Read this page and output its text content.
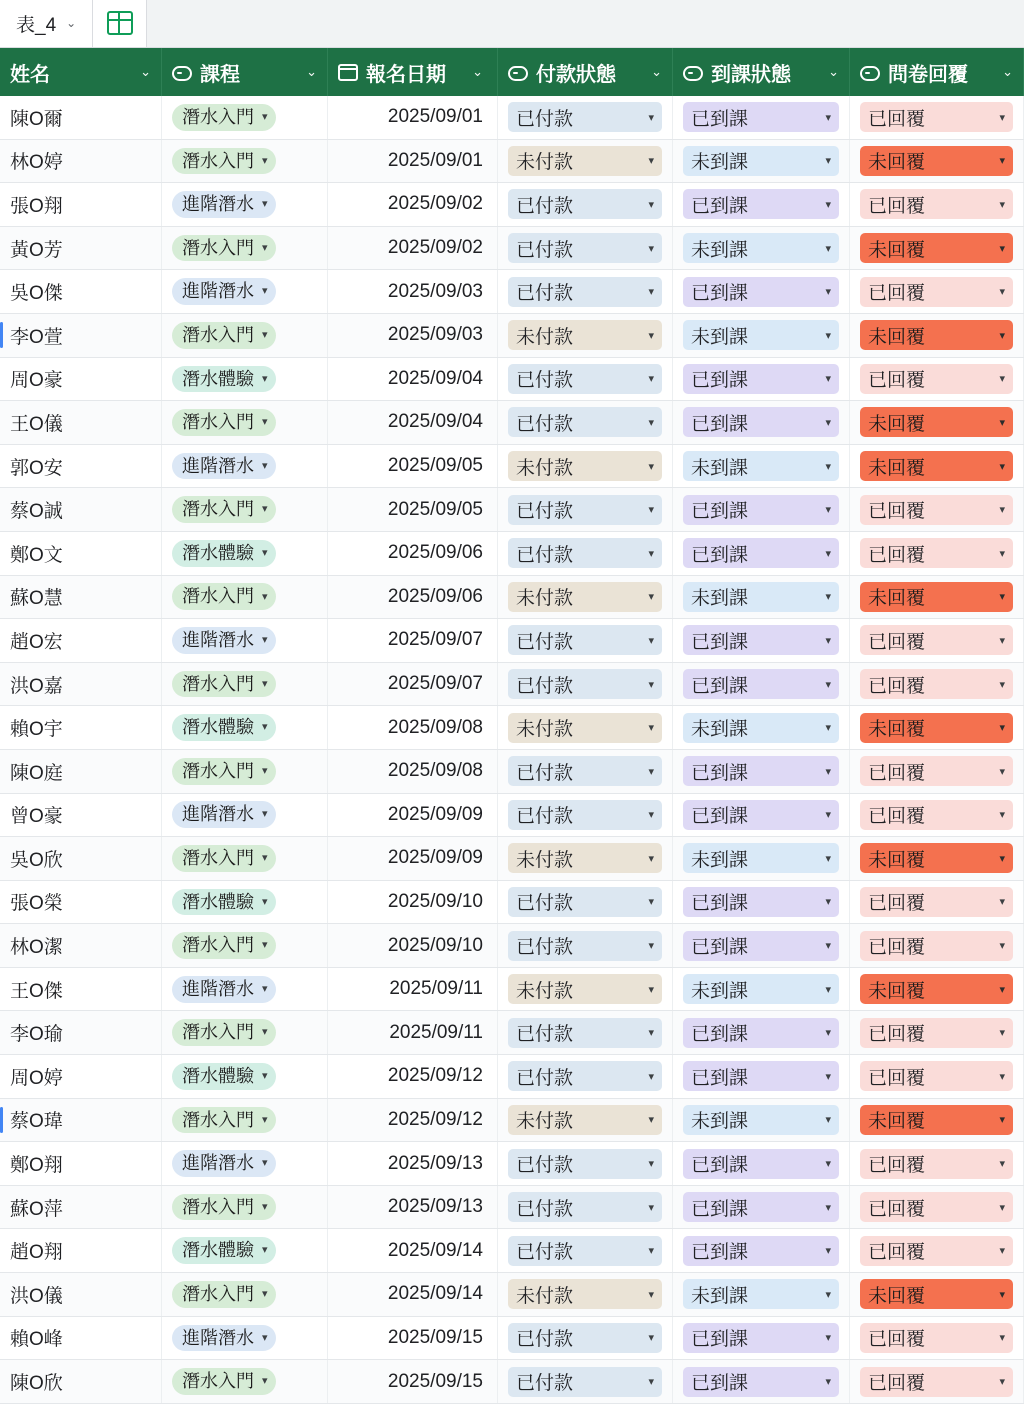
表_4 ⌄
姓名	⌄ 課程	⌄ 報名日期 ⌄	付款狀態	⌄ 到課狀態	⌄ 問卷回覆	⌄
陳O爾	潛水入門 ▾	2025/09/01 已付款	▾ 已到課	▾ 已回覆	▾
林O婷	潛水入門 ▾	2025/09/01 未付款	▾ 未到課	▾ 未回覆	▾
張O翔	進階潛水 ▾	2025/09/02 已付款	▾ 已到課	▾ 已回覆	▾
黃O芳	潛水入門 ▾	2025/09/02 已付款	▾ 未到課	▾ 未回覆	▾
吳O傑	進階潛水 ▾	2025/09/03 已付款	▾ 已到課	▾ 已回覆	▾
李O萱	潛水入門 ▾	2025/09/03 未付款	▾ 未到課	▾ 未回覆	▾
周O豪	潛水體驗 ▾	2025/09/04 已付款	▾ 已到課	▾ 已回覆	▾
王O儀	潛水入門 ▾	2025/09/04 已付款	▾ 已到課	▾ 未回覆	▾
郭O安	進階潛水 ▾	2025/09/05 未付款	▾ 未到課	▾ 未回覆	▾
蔡O誠	潛水入門 ▾	2025/09/05 已付款	▾ 已到課	▾ 已回覆	▾
鄭O文	潛水體驗 ▾	2025/09/06 已付款	▾ 已到課	▾ 已回覆	▾
蘇O慧	潛水入門 ▾	2025/09/06 未付款	▾ 未到課	▾ 未回覆	▾
趙O宏	進階潛水 ▾	2025/09/07 已付款	▾ 已到課	▾ 已回覆	▾
洪O嘉	潛水入門 ▾	2025/09/07 已付款	▾ 已到課	▾ 已回覆	▾
賴O宇	潛水體驗 ▾	2025/09/08 未付款	▾ 未到課	▾ 未回覆	▾
陳O庭	潛水入門 ▾	2025/09/08 已付款	▾ 已到課	▾ 已回覆	▾
曾O豪	進階潛水 ▾	2025/09/09 已付款	▾ 已到課	▾ 已回覆	▾
吳O欣	潛水入門 ▾	2025/09/09 未付款	▾ 未到課	▾ 未回覆	▾
張O榮	潛水體驗 ▾	2025/09/10 已付款	▾ 已到課	▾ 已回覆	▾
林O潔	潛水入門 ▾	2025/09/10 已付款	▾ 已到課	▾ 已回覆	▾
王O傑	進階潛水 ▾	2025/09/11 未付款	▾ 未到課	▾ 未回覆	▾
李O瑜	潛水入門 ▾	2025/09/11 已付款	▾ 已到課	▾ 已回覆	▾
周O婷	潛水體驗 ▾	2025/09/12 已付款	▾ 已到課	▾ 已回覆	▾
蔡O瑋	潛水入門 ▾	2025/09/12 未付款	▾ 未到課	▾ 未回覆	▾
鄭O翔	進階潛水 ▾	2025/09/13 已付款	▾ 已到課	▾ 已回覆	▾
蘇O萍	潛水入門 ▾	2025/09/13 已付款	▾ 已到課	▾ 已回覆	▾
趙O翔	潛水體驗 ▾	2025/09/14 已付款	▾ 已到課	▾ 已回覆	▾
洪O儀	潛水入門 ▾	2025/09/14 未付款	▾ 未到課	▾ 未回覆	▾
賴O峰	進階潛水 ▾	2025/09/15 已付款	▾ 已到課	▾ 已回覆	▾
陳O欣	潛水入門 ▾	2025/09/15 已付款	▾ 已到課	▾ 已回覆	▾
